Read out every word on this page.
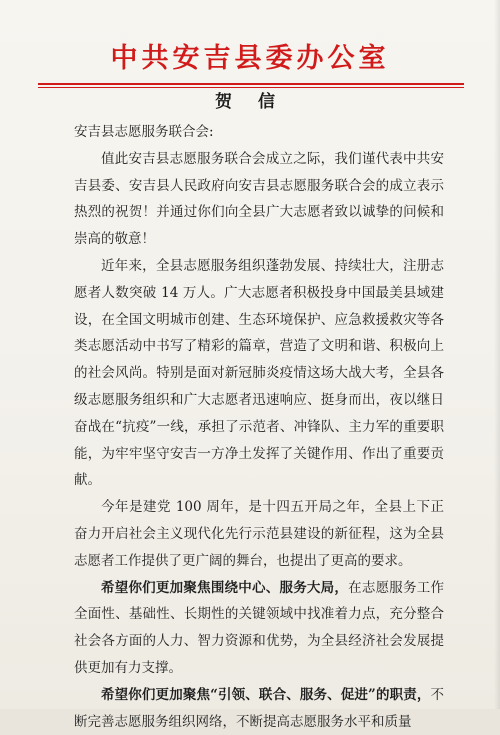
中共安吉县委办公室
贺 信

安吉县志愿服务联合会:

值此安吉县志愿服务联合会成立之际，我们谨代表中共安吉县委、安吉县人民政府向安吉县志愿服务联合会的成立表示热烈的祝贺！并通过你们向全县广大志愿者致以诚挚的问候和崇高的敬意！

近年来，全县志愿服务组织蓬勃发展、持续壮大，注册志愿者人数突破 14 万人。广大志愿者积极投身中国最美县域建设，在全国文明城市创建、生态环境保护、应急救援救灾等各类志愿活动中书写了精彩的篇章，营造了文明和谐、积极向上的社会风尚。特别是面对新冠肺炎疫情这场大战大考，全县各级志愿服务组织和广大志愿者迅速响应、挺身而出，夜以继日奋战在“抗疫”一线，承担了示范者、冲锋队、主力军的重要职能，为牢牢坚守安吉一方净土发挥了关键作用、作出了重要贡献。

今年是建党 100 周年，是十四五开局之年，全县上下正奋力开启社会主义现代化先行示范县建设的新征程，这为全县志愿者工作提供了更广阔的舞台，也提出了更高的要求。

希望你们更加聚焦围绕中心、服务大局，在志愿服务工作全面性、基础性、长期性的关键领域中找准着力点，充分整合社会各方面的人力、智力资源和优势，为全县经济社会发展提供更加有力支撑。

希望你们更加聚焦“引领、联合、服务、促进”的职责，不断完善志愿服务组织网络，不断提高志愿服务水平和质量
